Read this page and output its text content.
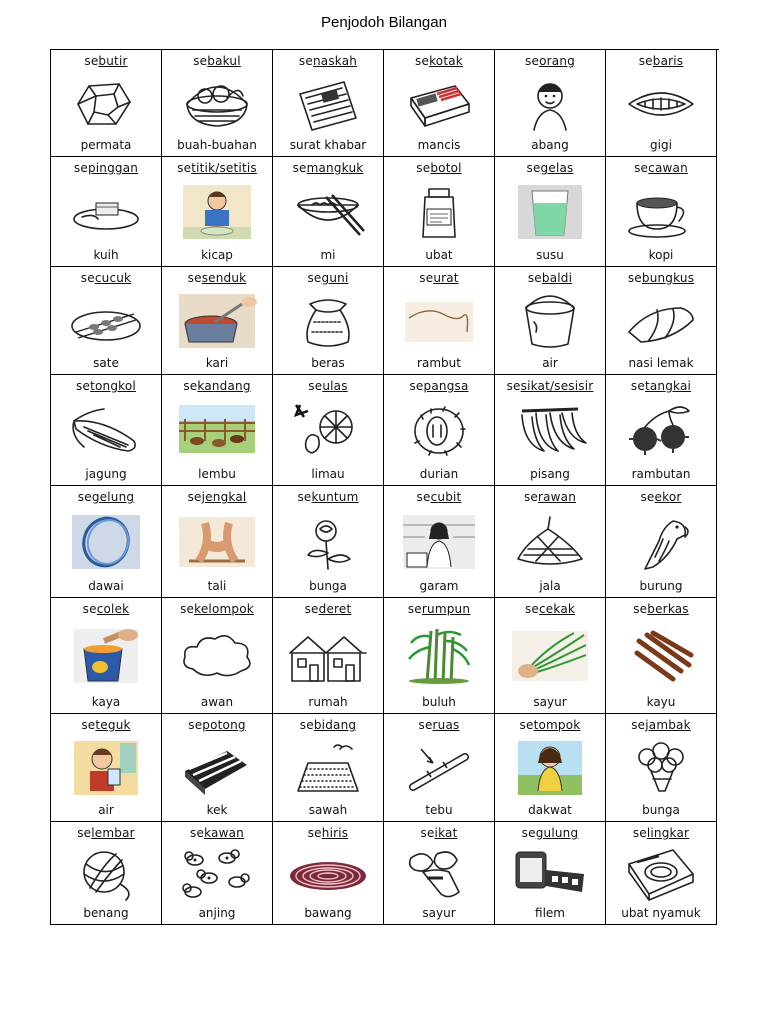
Penjodoh Bilangan
sebutir
permata
sebakul
buah-buahan
senaskah
surat khabar
sekotak
mancis
seorang
abang
sebaris
gigi
sepinggan
kuih
setitik/setitis
kicap
semangkuk
mi
sebotol
ubat
segelas
susu
secawan
kopi
secucuk
sate
sesenduk
kari
seguni
beras
seurat
rambut
sebaldi
air
sebungkus
nasi lemak
setongkol
jagung
sekandang
lembu
seulas
limau
sepangsa
durian
sesikat/sesisir
pisang
setangkai
rambutan
segelung
dawai
sejengkal
tali
sekuntum
bunga
secubit
garam
serawan
jala
seekor
burung
secolek
kaya
sekelompok
awan
sederet
rumah
serumpun
buluh
secekak
sayur
seberkas
kayu
seteguk
air
sepotong
kek
sebidang
sawah
seruas
tebu
setompok
dakwat
sejambak
bunga
selembar
benang
sekawan
anjing
sehiris
bawang
seikat
sayur
segulung
filem
selingkar
ubat nyamuk
